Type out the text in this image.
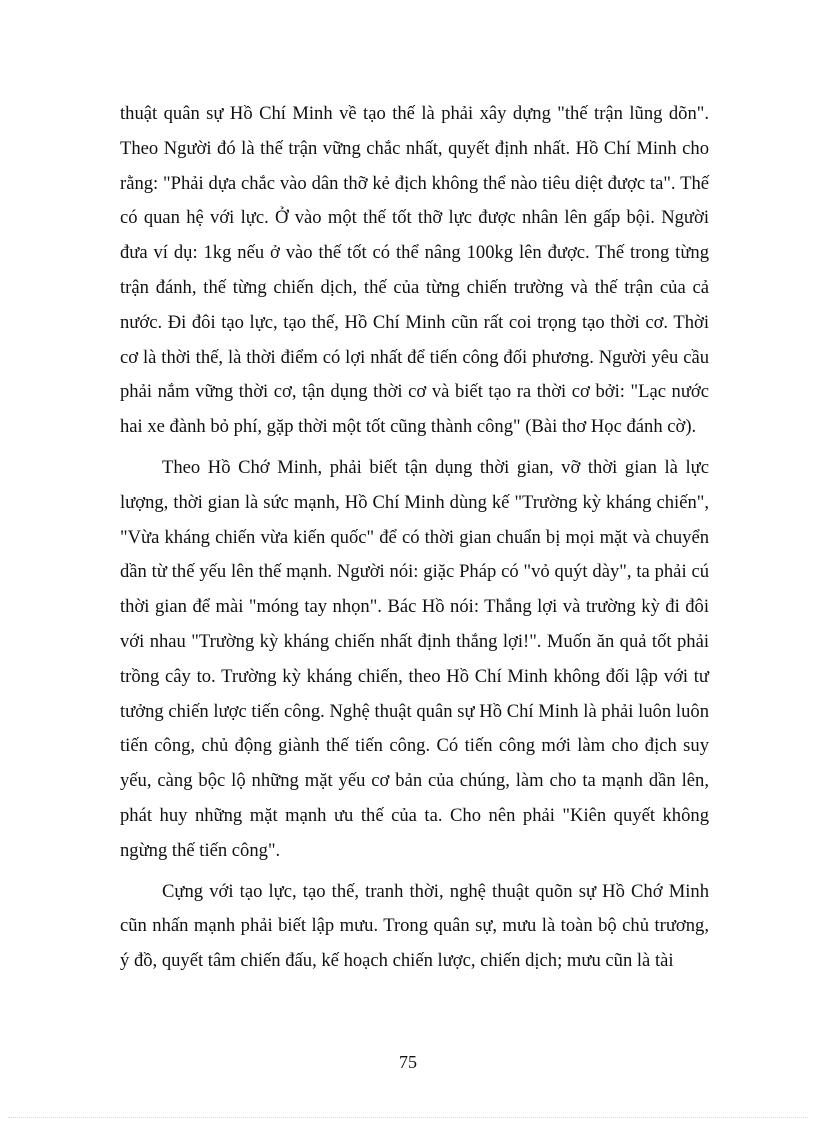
thuật quân sự Hồ Chí Minh về tạo thế là phải xây dựng "thế trận lũng dõn". Theo Người đó là thế trận vững chắc nhất, quyết định nhất. Hồ Chí Minh cho rằng: "Phải dựa chắc vào dân thỡ kẻ địch không thể nào tiêu diệt được ta". Thế có quan hệ với lực. Ở vào một thế tốt thỡ lực được nhân lên gấp bội. Người đưa ví dụ: 1kg nếu ở vào thế tốt có thể nâng 100kg lên được. Thế trong từng trận đánh, thế từng chiến dịch, thế của từng chiến trường và thế trận của cả nước. Đi đôi tạo lực, tạo thế, Hồ Chí Minh cũn rất coi trọng tạo thời cơ. Thời cơ là thời thế, là thời điểm có lợi nhất để tiến công đối phương. Người yêu cầu phải nắm vững thời cơ, tận dụng thời cơ và biết tạo ra thời cơ bởi: "Lạc nước hai xe đành bỏ phí, gặp thời một tốt cũng thành công" (Bài thơ Học đánh cờ).

Theo Hồ Chớ Minh, phải biết tận dụng thời gian, vỡ thời gian là lực lượng, thời gian là sức mạnh, Hồ Chí Minh dùng kế "Trường kỳ kháng chiến", "Vừa kháng chiến vừa kiến quốc" để có thời gian chuẩn bị mọi mặt và chuyển dần từ thế yếu lên thế mạnh. Người nói: giặc Pháp có "vỏ quýt dày", ta phải cú thời gian để mài "móng tay nhọn". Bác Hồ nói: Thắng lợi và trường kỳ đi đôi với nhau "Trường kỳ kháng chiến nhất định thắng lợi!". Muốn ăn quả tốt phải trồng cây to. Trường kỳ kháng chiến, theo Hồ Chí Minh không đối lập với tư tưởng chiến lược tiến công. Nghệ thuật quân sự Hồ Chí Minh là phải luôn luôn tiến công, chủ động giành thế tiến công. Có tiến công mới làm cho địch suy yếu, càng bộc lộ những mặt yếu cơ bản của chúng, làm cho ta mạnh dần lên, phát huy những mặt mạnh ưu thế của ta. Cho nên phải "Kiên quyết không ngừng thế tiến công".

Cựng với tạo lực, tạo thế, tranh thời, nghệ thuật quõn sự Hồ Chớ Minh cũn nhấn mạnh phải biết lập mưu. Trong quân sự, mưu là toàn bộ chủ trương, ý đồ, quyết tâm chiến đấu, kế hoạch chiến lược, chiến dịch; mưu cũn là tài

75
